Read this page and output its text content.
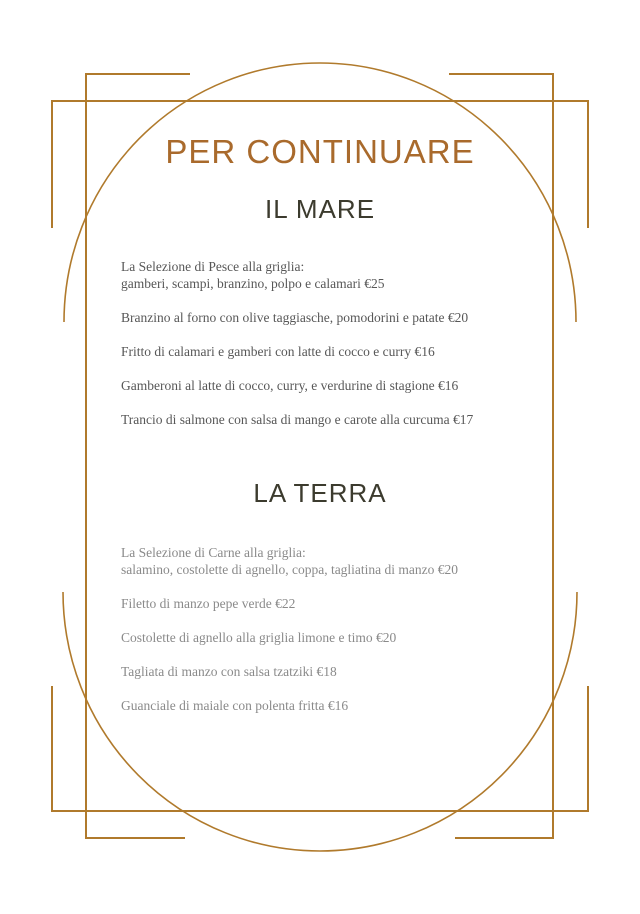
PER CONTINUARE
IL MARE
La Selezione di Pesce alla griglia:
gamberi, scampi, branzino, polpo e calamari €25
Branzino al forno con olive taggiasche, pomodorini e patate €20
Fritto di calamari e gamberi con latte di cocco e curry €16
Gamberoni al latte di cocco, curry, e verdurine di stagione €16
Trancio di salmone con salsa di mango e carote alla curcuma €17
LA TERRA
La Selezione di Carne alla griglia:
salamino, costolette di agnello, coppa, tagliatina di manzo €20
Filetto di manzo pepe verde €22
Costolette di agnello alla griglia limone e timo €20
Tagliata di manzo con salsa tzatziki €18
Guanciale di maiale con polenta fritta €16
